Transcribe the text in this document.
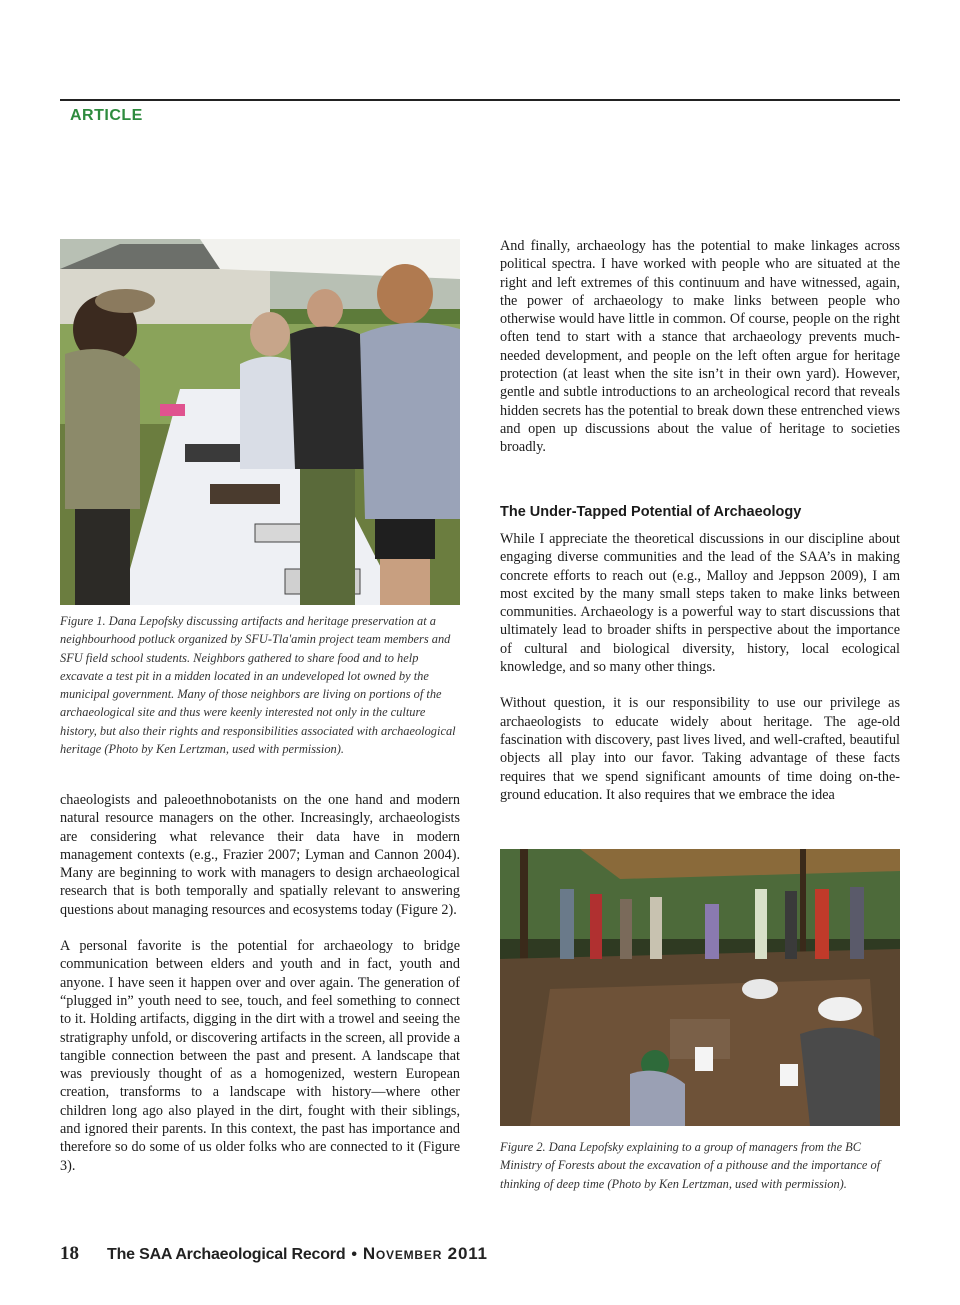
ARTICLE
Figure 1. Dana Lepofsky discussing artifacts and heritage preservation at a neighbourhood potluck organized by SFU-Tla'amin project team members and SFU field school students. Neighbors gathered to share food and to help excavate a test pit in a midden located in an undeveloped lot owned by the municipal government. Many of those neighbors are living on portions of the archaeological site and thus were keenly interested not only in the culture history, but also their rights and responsibilities associated with archaeological heritage (Photo by Ken Lertzman, used with permission).

chaeologists and paleoethnobotanists on the one hand and modern natural resource managers on the other. Increasingly, archaeologists are considering what relevance their data have in modern management contexts (e.g., Frazier 2007; Lyman and Cannon 2004). Many are beginning to work with managers to design archaeological research that is both temporally and spatially relevant to answering questions about managing resources and ecosystems today (Figure 2).

A personal favorite is the potential for archaeology to bridge communication between elders and youth and in fact, youth and anyone. I have seen it happen over and over again. The generation of “plugged in” youth need to see, touch, and feel something to connect to it. Holding artifacts, digging in the dirt with a trowel and seeing the stratigraphy unfold, or discovering artifacts in the screen, all provide a tangible connection between the past and present. A landscape that was previously thought of as a homogenized, western European creation, transforms to a landscape with history—where other children long ago also played in the dirt, fought with their siblings, and ignored their parents. In this context, the past has importance and therefore so do some of us older folks who are connected to it (Figure 3).

And finally, archaeology has the potential to make linkages across political spectra. I have worked with people who are situated at the right and left extremes of this continuum and have witnessed, again, the power of archaeology to make links between people who otherwise would have little in common. Of course, people on the right often tend to start with a stance that archaeology prevents much-needed development, and people on the left often argue for heritage protection (at least when the site isn’t in their own yard). However, gentle and subtle introductions to an archeological record that reveals hidden secrets has the potential to break down these entrenched views and open up discussions about the value of heritage to societies broadly.

The Under-Tapped Potential of Archaeology

While I appreciate the theoretical discussions in our discipline about engaging diverse communities and the lead of the SAA’s in making concrete efforts to reach out (e.g., Malloy and Jeppson 2009), I am most excited by the many small steps taken to make links between communities. Archaeology is a powerful way to start discussions that ultimately lead to broader shifts in perspective about the importance of cultural and biological diversity, history, local ecological knowledge, and so many other things.

Without question, it is our responsibility to use our privilege as archaeologists to educate widely about heritage. The age-old fascination with discovery, past lives lived, and well-crafted, beautiful objects all play into our favor. Taking advantage of these facts requires that we spend significant amounts of time doing on-the-ground education. It also requires that we embrace the idea

Figure 2. Dana Lepofsky explaining to a group of managers from the BC Ministry of Forests about the excavation of a pithouse and the importance of thinking of deep time (Photo by Ken Lertzman, used with permission).
18 The SAA Archaeological Record • November 2011
